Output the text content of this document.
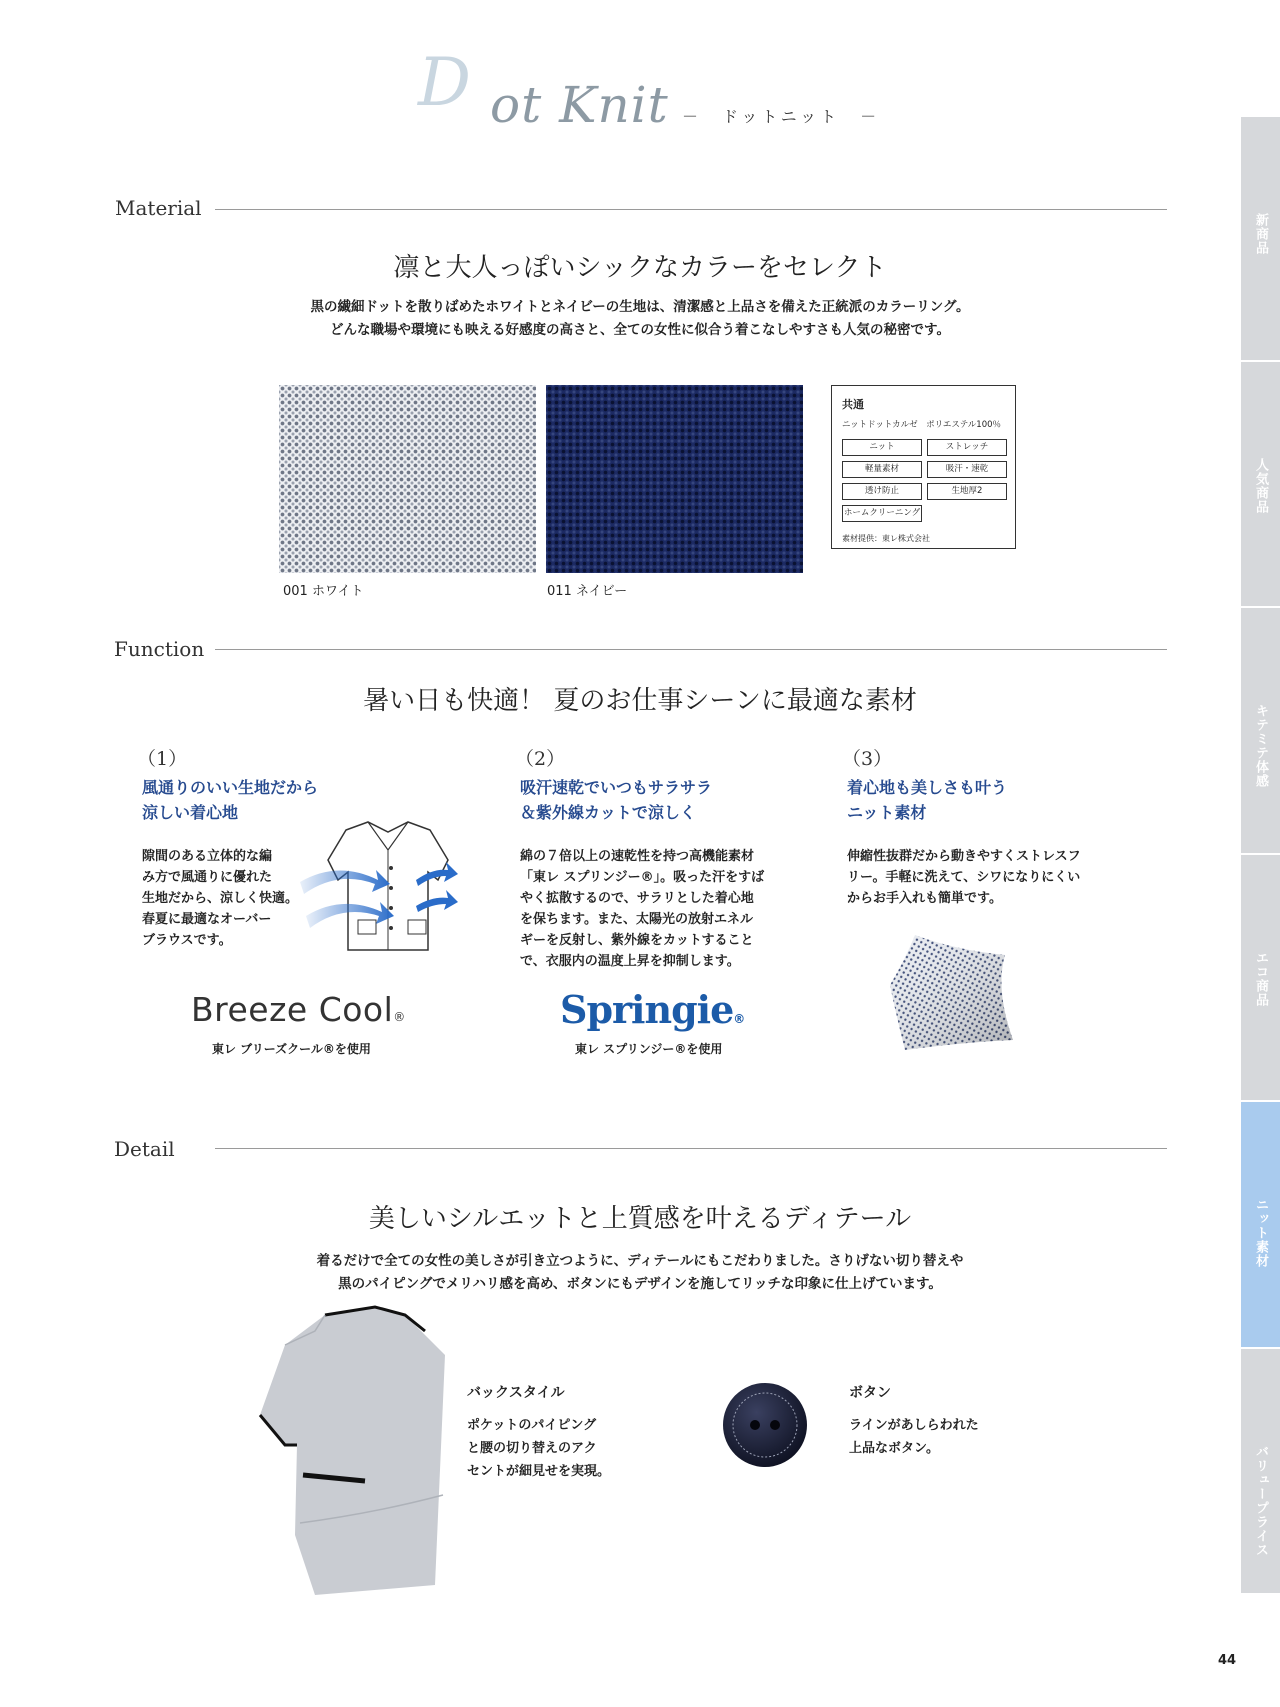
D ot Knit －　ドットニット　－
新商品
人気商品
キテミテ体感
エコ商品
ニット素材
バリュープライス
Material
凛と大人っぽいシックなカラーをセレクト
黒の繊細ドットを散りばめたホワイトとネイビーの生地は、清潔感と上品さを備えた正統派のカラーリング。
どんな職場や環境にも映える好感度の高さと、全ての女性に似合う着こなしやすさも人気の秘密です。
001 ホワイト	011 ネイビー
共通
ニットドットカルゼ　ポリエステル100％
ニット	ストレッチ
軽量素材	吸汗・速乾
透け防止	生地厚2
ホームクリーニング
素材提供：東レ株式会社
Function
暑い日も快適！ 夏のお仕事シーンに最適な素材
（1）
風通りのいい生地だから
涼しい着心地
隙間のある立体的な編
み方で風通りに優れた
生地だから、涼しく快適。
春夏に最適なオーバー
ブラウスです。
Breeze Cool®
東レ ブリーズクール®を使用
（2）
吸汗速乾でいつもサラサラ
＆紫外線カットで涼しく
綿の７倍以上の速乾性を持つ高機能素材
「東レ スプリンジー®」。吸った汗をすば
やく拡散するので、サラリとした着心地
を保ちます。また、太陽光の放射エネル
ギーを反射し、紫外線をカットすること
で、衣服内の温度上昇を抑制します。
Springie®
東レ スプリンジー®を使用
（3）
着心地も美しさも叶う
ニット素材
伸縮性抜群だから動きやすくストレスフ
リー。手軽に洗えて、シワになりにくい
からお手入れも簡単です。
Detail
美しいシルエットと上質感を叶えるディテール
着るだけで全ての女性の美しさが引き立つように、ディテールにもこだわりました。さりげない切り替えや
黒のパイピングでメリハリ感を高め、ボタンにもデザインを施してリッチな印象に仕上げています。
バックスタイル
ポケットのパイピング
と腰の切り替えのアク
セントが細見せを実現。
ボタン
ラインがあしらわれた
上品なボタン。
44
